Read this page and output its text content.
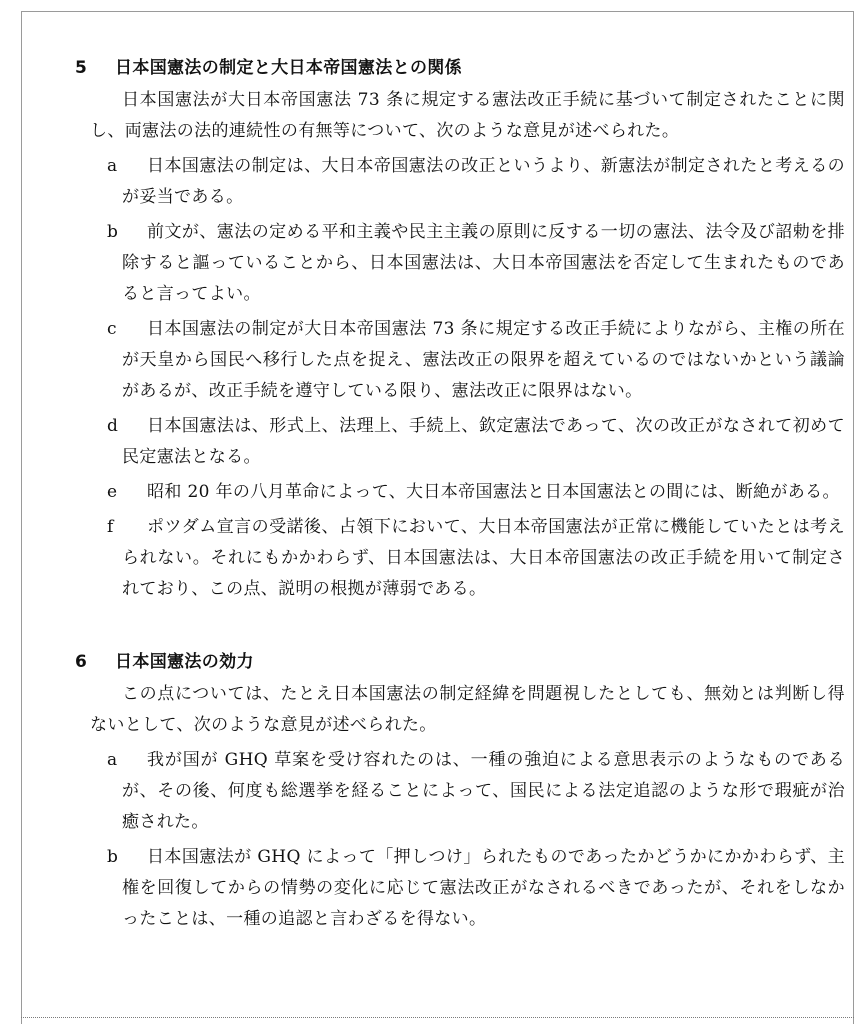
5 日本国憲法の制定と大日本帝国憲法との関係
日本国憲法が大日本帝国憲法 73 条に規定する憲法改正手続に基づいて制定されたことに関し、両憲法の法的連続性の有無等について、次のような意見が述べられた。
a	日本国憲法の制定は、大日本帝国憲法の改正というより、新憲法が制定されたと考えるのが妥当である。
b	前文が、憲法の定める平和主義や民主主義の原則に反する一切の憲法、法令及び詔勅を排除すると謳っていることから、日本国憲法は、大日本帝国憲法を否定して生まれたものであると言ってよい。
c	日本国憲法の制定が大日本帝国憲法 73 条に規定する改正手続によりながら、主権の所在が天皇から国民へ移行した点を捉え、憲法改正の限界を超えているのではないかという議論があるが、改正手続を遵守している限り、憲法改正に限界はない。
d	日本国憲法は、形式上、法理上、手続上、欽定憲法であって、次の改正がなされて初めて民定憲法となる。
e	昭和 20 年の八月革命によって、大日本帝国憲法と日本国憲法との間には、断絶がある。
f	ポツダム宣言の受諾後、占領下において、大日本帝国憲法が正常に機能していたとは考えられない。それにもかかわらず、日本国憲法は、大日本帝国憲法の改正手続を用いて制定されており、この点、説明の根拠が薄弱である。
6 日本国憲法の効力
この点については、たとえ日本国憲法の制定経緯を問題視したとしても、無効とは判断し得ないとして、次のような意見が述べられた。
a	我が国が GHQ 草案を受け容れたのは、一種の強迫による意思表示のようなものであるが、その後、何度も総選挙を経ることによって、国民による法定追認のような形で瑕疵が治癒された。
b	日本国憲法が GHQ によって「押しつけ」られたものであったかどうかにかかわらず、主権を回復してからの情勢の変化に応じて憲法改正がなされるべきであったが、それをしなかったことは、一種の追認と言わざるを得ない。
